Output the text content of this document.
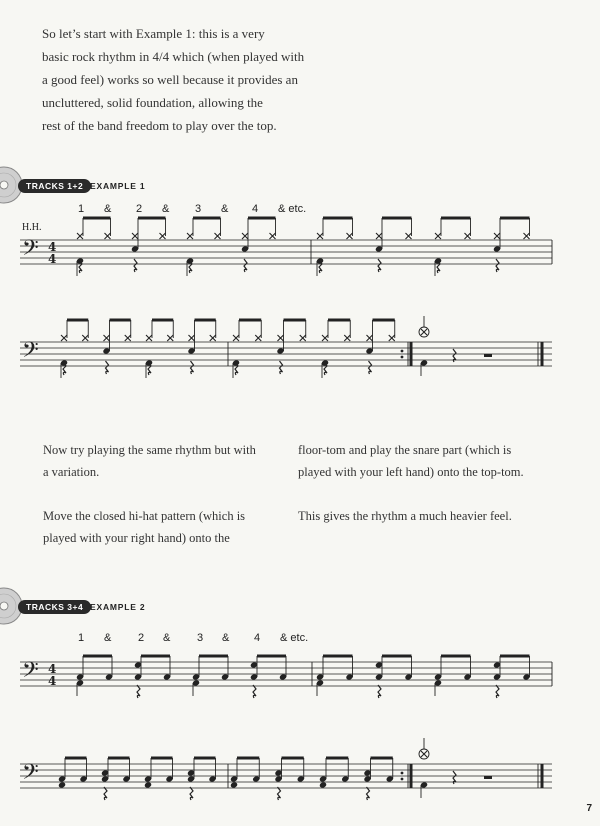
So let’s start with Example 1: this is a very
basic rock rhythm in 4/4 which (when played with
a good feel) works so well because it provides an
uncluttered, solid foundation, allowing the
rest of the band freedom to play over the top.
TRACKS 1+2 EXAMPLE 1
1 & 2 & 3 & 4 & etc.
H.H.
Now try playing the same rhythm but with
a variation.

Move the closed hi-hat pattern (which is
played with your right hand) onto the
floor-tom and play the snare part (which is
played with your left hand) onto the top-tom.

This gives the rhythm a much heavier feel.
TRACKS 3+4 EXAMPLE 2
1 & 2 & 3 & 4 & etc.
𝄢 4
4
𝄢
𝄢 4
4
𝄢
7
